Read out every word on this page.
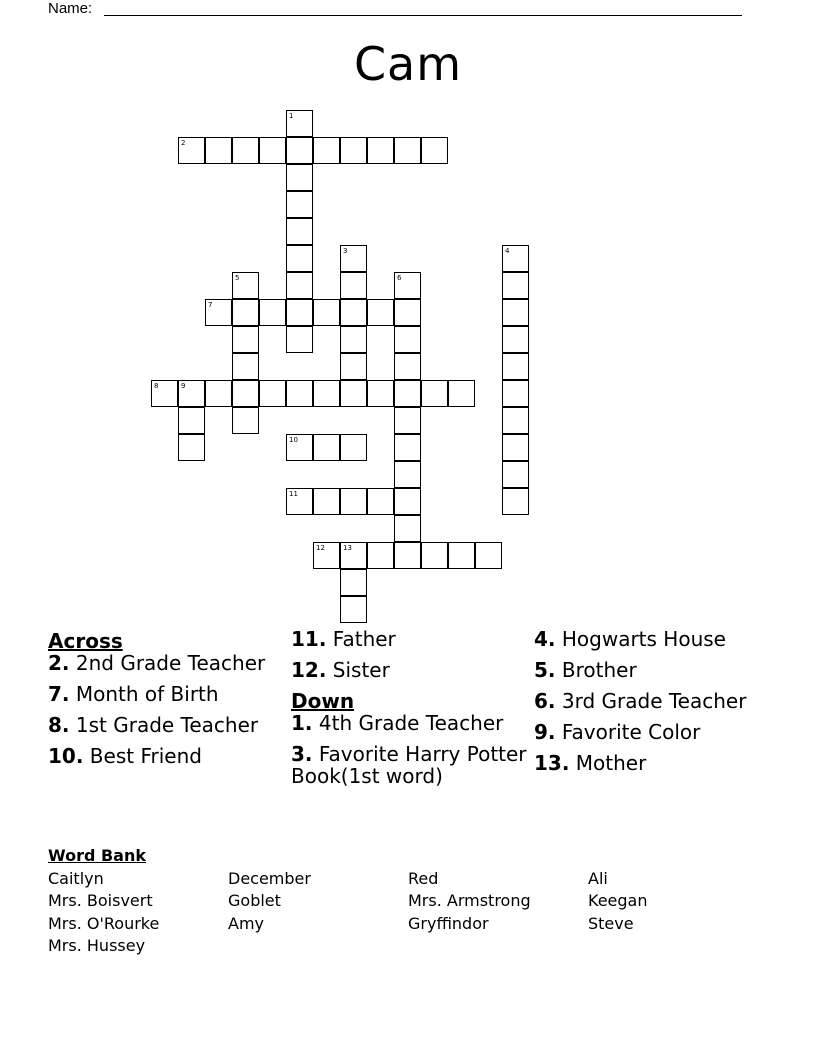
Name:
Cam
1
2
3	4
5	6
7
8	9
10
11
12	13
Across
2. 2nd Grade Teacher
7. Month of Birth
8. 1st Grade Teacher
10. Best Friend
11. Father
12. Sister
Down
1. 4th Grade Teacher
3. Favorite Harry Potter Book(1st word)
4. Hogwarts House
5. Brother
6. 3rd Grade Teacher
9. Favorite Color
13. Mother
Word Bank
Caitlyn	December	Red	Ali
Mrs. Boisvert	Goblet	Mrs. Armstrong	Keegan
Mrs. O'Rourke	Amy	Gryffindor	Steve
Mrs. Hussey
